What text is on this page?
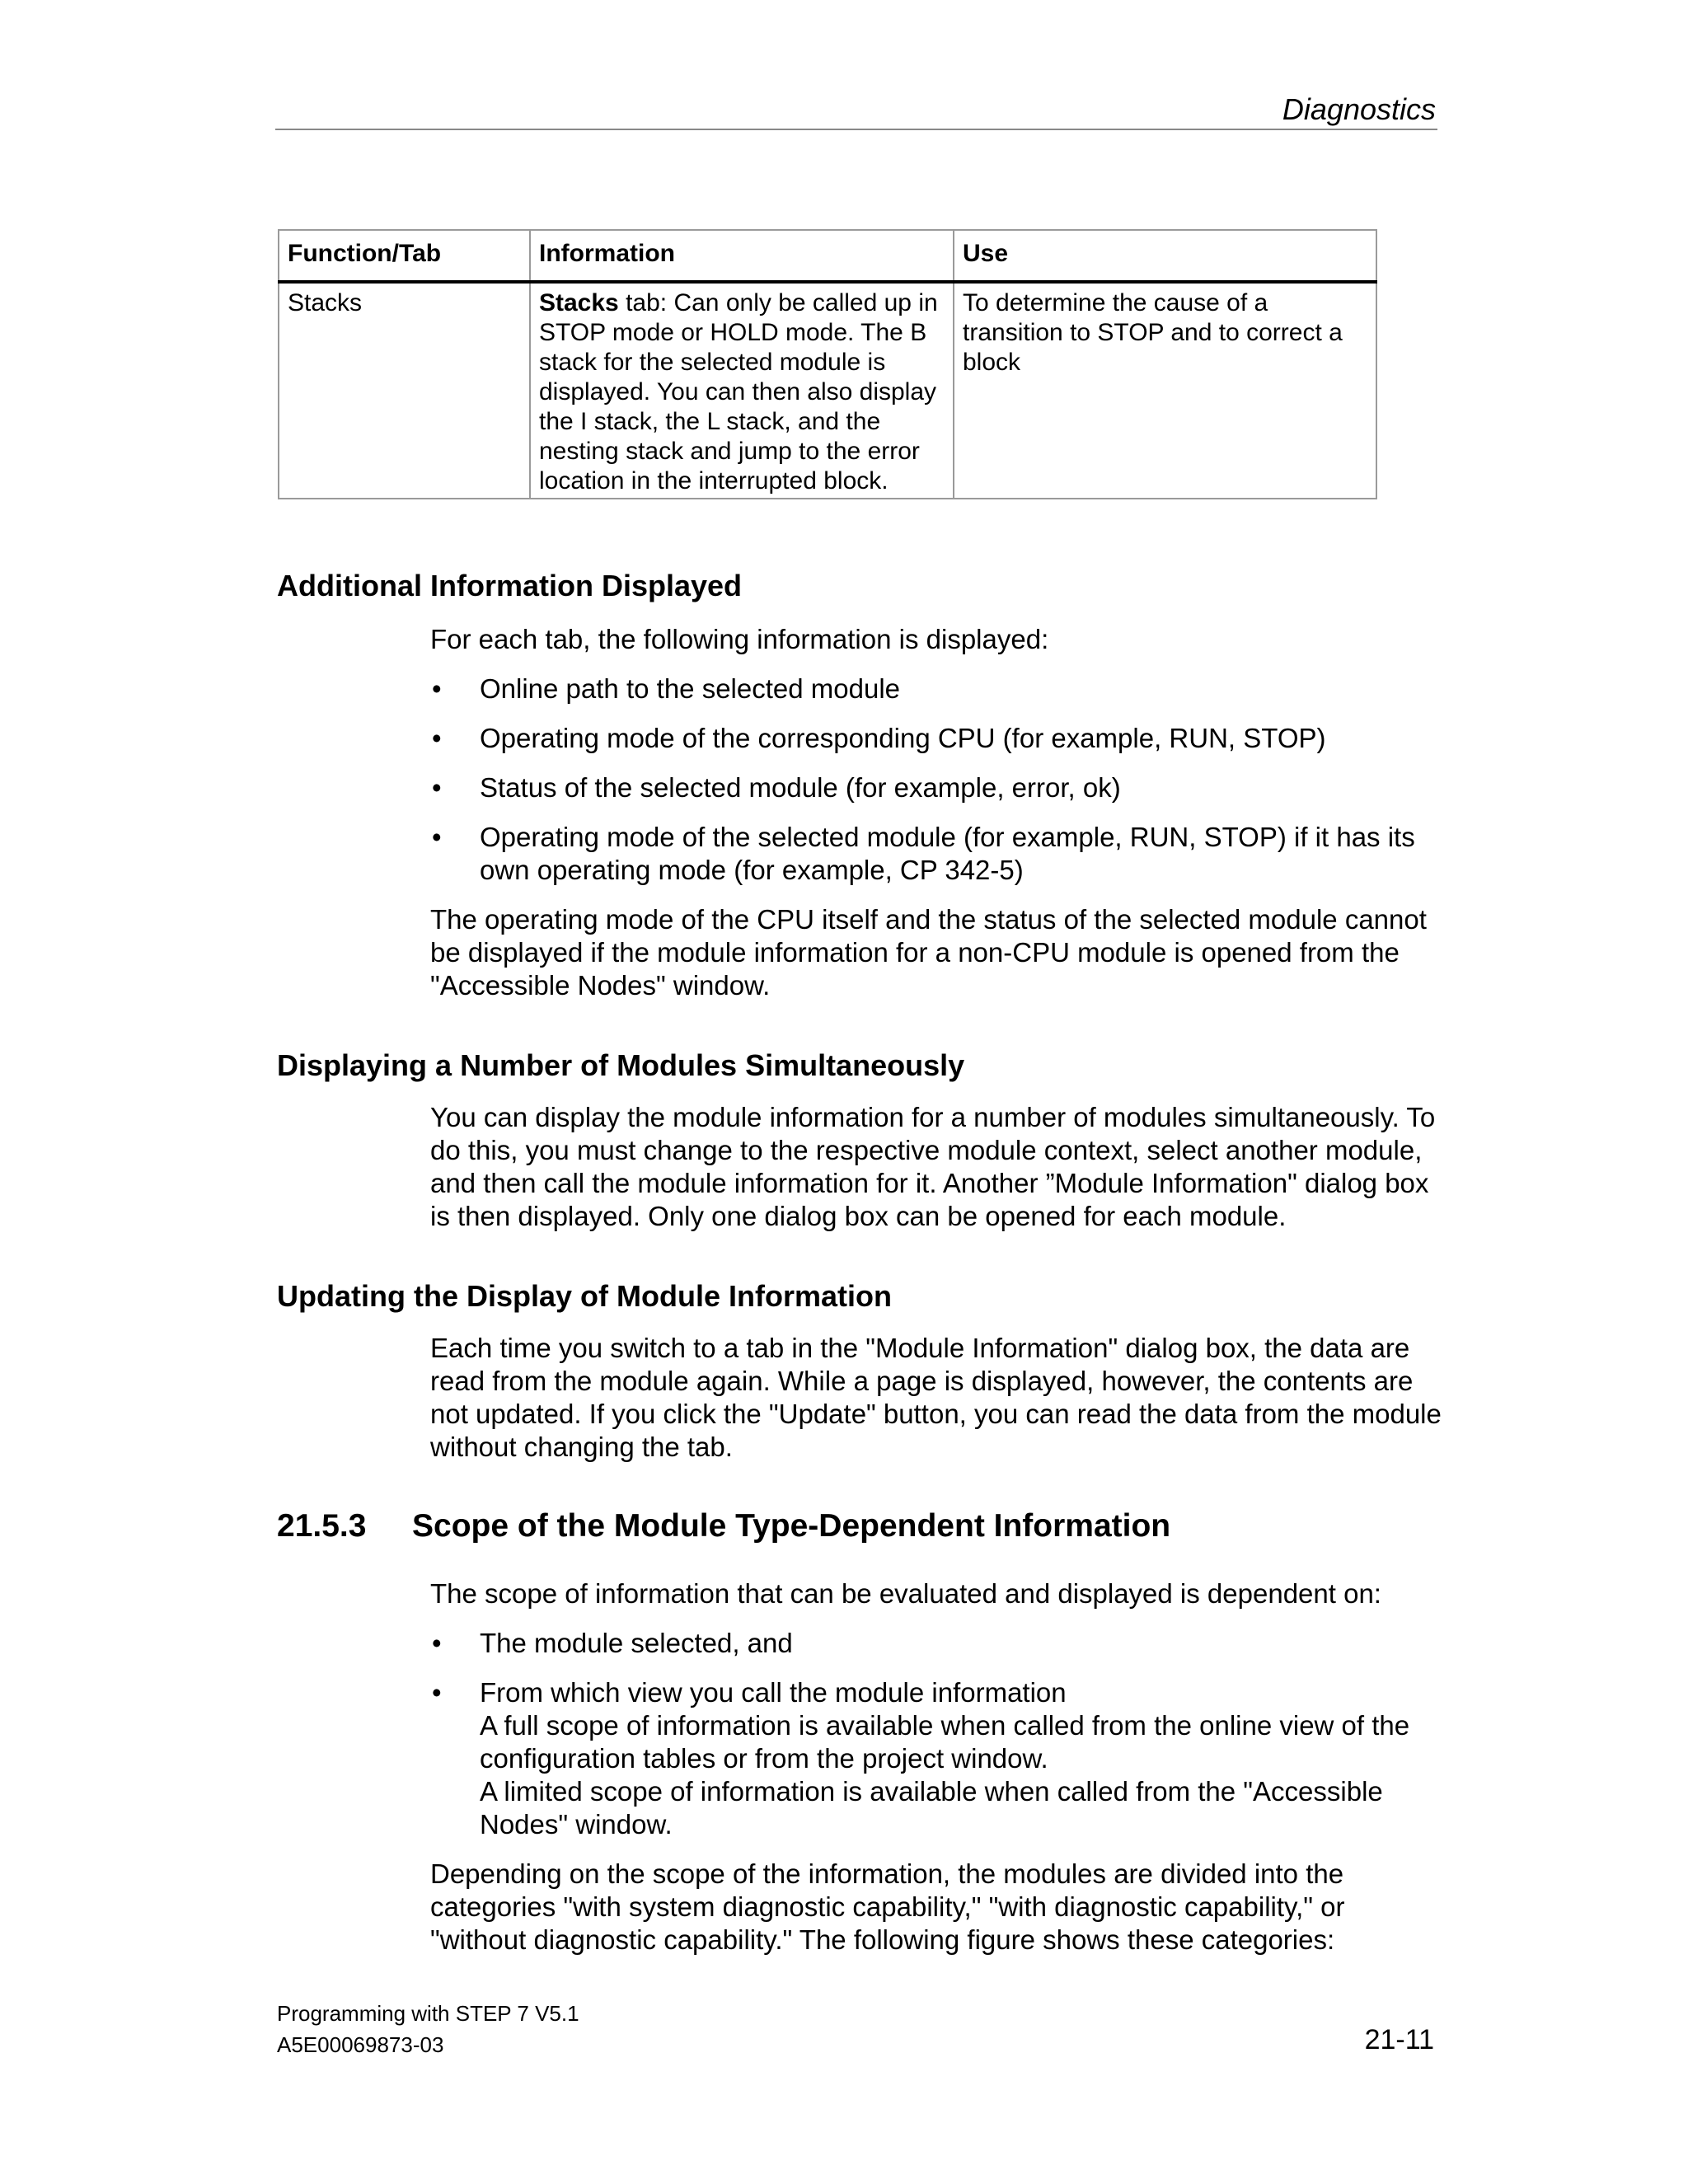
Diagnostics
Function/Tab	Information	Use
Stacks	Stacks tab: Can only be called up in STOP mode or HOLD mode. The B stack for the selected module is displayed. You can then also display the I stack, the L stack, and the nesting stack and jump to the error location in the interrupted block.	To determine the cause of a transition to STOP and to correct a block
Additional Information Displayed
For each tab, the following information is displayed:
• Online path to the selected module
• Operating mode of the corresponding CPU (for example, RUN, STOP)
• Status of the selected module (for example, error, ok)
• Operating mode of the selected module (for example, RUN, STOP) if it has its own operating mode (for example, CP 342-5)
The operating mode of the CPU itself and the status of the selected module cannot be displayed if the module information for a non-CPU module is opened from the "Accessible Nodes" window.
Displaying a Number of Modules Simultaneously
You can display the module information for a number of modules simultaneously. To do this, you must change to the respective module context, select another module, and then call the module information for it. Another ”Module Information" dialog box is then displayed. Only one dialog box can be opened for each module.
Updating the Display of Module Information
Each time you switch to a tab in the "Module Information" dialog box, the data are read from the module again. While a page is displayed, however, the contents are not updated. If you click the "Update" button, you can read the data from the module without changing the tab.
21.5.3 Scope of the Module Type-Dependent Information
The scope of information that can be evaluated and displayed is dependent on:
• The module selected, and
• From which view you call the module information
A full scope of information is available when called from the online view of the configuration tables or from the project window.
A limited scope of information is available when called from the "Accessible Nodes" window.
Depending on the scope of the information, the modules are divided into the categories "with system diagnostic capability," "with diagnostic capability," or "without diagnostic capability." The following figure shows these categories:
Programming with STEP 7 V5.1
A5E00069873-03	21-11
